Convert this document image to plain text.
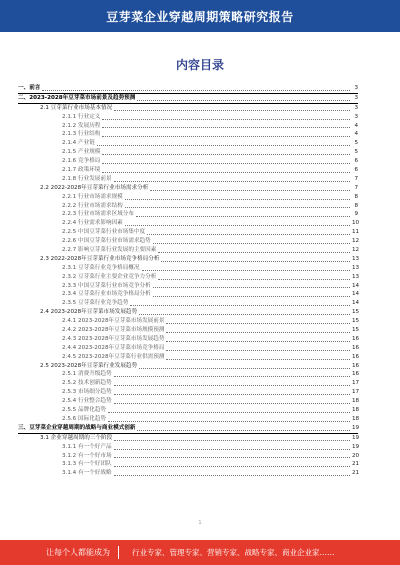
豆芽菜企业穿越周期策略研究报告
内容目录
一、前言	3
二、2023-2028年豆芽菜市场前景及趋势预测	3
2.1 豆芽菜行业市场基本情况	3
2.1.1 行业定义	3
2.1.2 发展历程	4
2.1.3 行业结构	4
2.1.4 产业链	5
2.1.5 产业规模	5
2.1.6 竞争格局	6
2.1.7 政策环境	6
2.1.8 行业发展前景	7
2.2 2022-2028年豆芽菜行业市场需求分析	7
2.2.1 行业市场需求规模	8
2.2.2 行业市场需求结构	8
2.2.3 行业市场需求区域分布	9
2.2.4 行业需求影响因素	10
2.2.5 中国豆芽菜行业市场集中度	11
2.2.6 中国豆芽菜行业市场需求趋势	12
2.2.7 影响豆芽菜行业发展的主要因素	12
2.3 2022-2028年豆芽菜行业市场竞争格局分析	13
2.3.1 豆芽菜行业竞争格局概况	13
2.3.2 豆芽菜行业主要企业竞争力分析	13
2.3.3 中国豆芽菜行业市场竞争分析	14
2.3.4 豆芽菜行业市场竞争格局分析	14
2.3.5 豆芽菜行业竞争趋势	14
2.4 2023-2028年豆芽菜市场发展趋势	15
2.4.1 2023-2028年豆芽菜市场发展前景	15
2.4.2 2023-2028年豆芽菜市场规模预测	15
2.4.3 2023-2028年豆芽菜市场发展趋势	16
2.4.4 2023-2028年豆芽菜市场竞争格局	16
2.4.5 2023-2028年豆芽菜行业供需预测	16
2.5 2023-2028年豆芽菜行业发展趋势	16
2.5.1 消费升级趋势	16
2.5.2 技术创新趋势	17
2.5.3 市场细分趋势	17
2.5.4 行业整合趋势	18
2.5.5 品牌化趋势	18
2.5.6 国际化趋势	18
三、豆芽菜企业穿越周期的战略与商业模式创新	19
3.1 企业穿越周期的三个阶段	19
3.1.1 有一个好产品	19
3.1.2 有一个好市场	20
3.1.3 有一个好团队	21
3.1.4 有一个好战略	21
1
让每个人都能成为	行业专家、管理专家、营销专家、战略专家、商业企业家……
